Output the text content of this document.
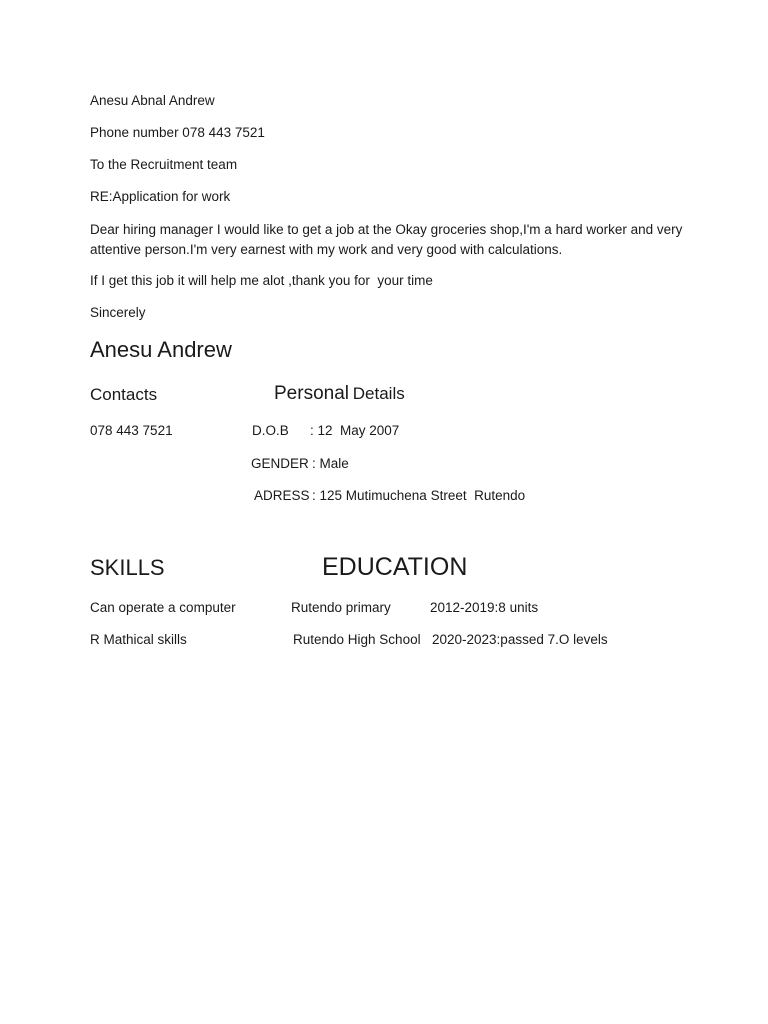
Anesu Abnal Andrew
Phone number 078 443 7521
To the Recruitment team
RE:Application for work
Dear hiring manager I would like to get a job at the Okay groceries shop,I'm a hard worker and very attentive person.I'm very earnest with my work and very good with calculations.
If I get this job it will help me alot ,thank you for  your time
Sincerely
Anesu Andrew
Contacts	Personal Details
078 443 7521	D.O.B : 12  May 2007
GENDER : Male
ADRESS : 125 Mutimuchena Street  Rutendo
SKILLS	EDUCATION
Can operate a computer	Rutendo primary	2012-2019:8 units
R Mathical skills	Rutendo High School 2020-2023:passed 7.O levels
